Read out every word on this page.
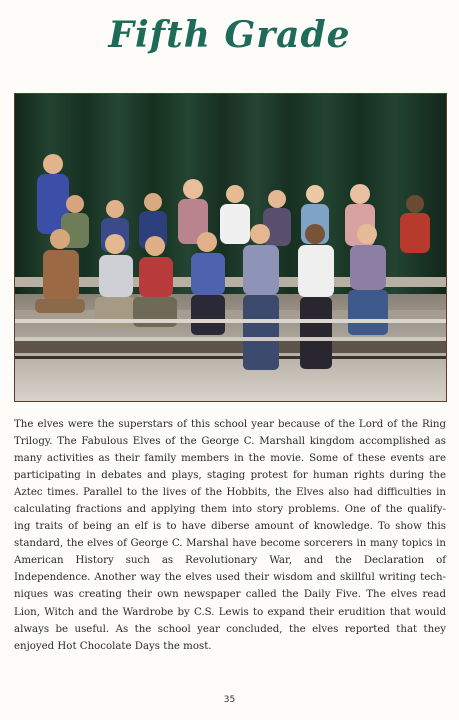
Fifth Grade
The elves were the superstars of this school year because of the Lord of the Ring
Trilogy. The Fabulous Elves of the George C. Marshall kingdom accomplished as
many activities as their family members in the movie. Some of these events are
participating in debates and plays, staging protest for human rights during the
Aztec times. Parallel to the lives of the Hobbits, the Elves also had difficulties in
calculating fractions and applying them into story problems. One of the qualify-
ing traits of being an elf is to have diberse amount of knowledge. To show this
standard, the elves of George C. Marshal have become sorcerers in many topics in
American History such as Revolutionary War, and the Declaration of
Independence. Another way the elves used their wisdom and skillful writing tech-
niques was creating their own newspaper called the Daily Five. The elves read
Lion, Witch and the Wardrobe by C.S. Lewis to expand their erudition that would
always be useful. As the school year concluded, the elves reported that they
enjoyed Hot Chocolate Days the most.
35
